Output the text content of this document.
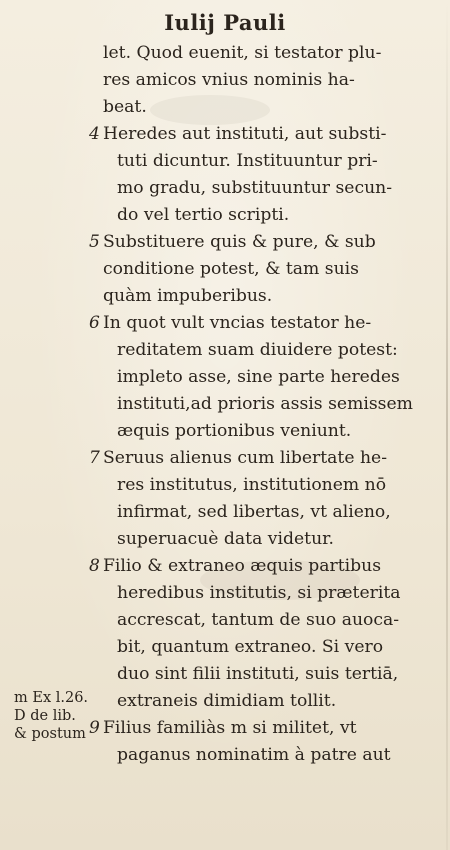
Iulij Pauli
let. Quod euenit, si testator plu-
res amicos vnius nominis ha-
beat.
4 Heredes aut instituti, aut substi-
tuti dicuntur. Instituuntur pri-
mo gradu, substituuntur secun-
do vel tertio scripti.
5 Substituere quis & pure, & sub
conditione potest, & tam suis
quàm impuberibus.
6 In quot vult vncias testator he-
reditatem suam diuidere potest:
impleto asse, sine parte heredes
instituti,ad prioris assis semissem
æquis portionibus veniunt.
7 Seruus alienus cum libertate he-
res institutus, institutionem nō
infirmat, sed libertas, vt alieno,
superuacuè data videtur.
8 Filio & extraneo æquis partibus
heredibus institutis, si præterita
accrescat, tantum de suo auoca-
bit, quantum extraneo. Si vero
duo sint filii instituti, suis tertiā,
extraneis dimidiam tollit.
9 Filius familiàs m si militet, vt
paganus nominatim à patre aut
m Ex l.26.
D de lib.
& postum
